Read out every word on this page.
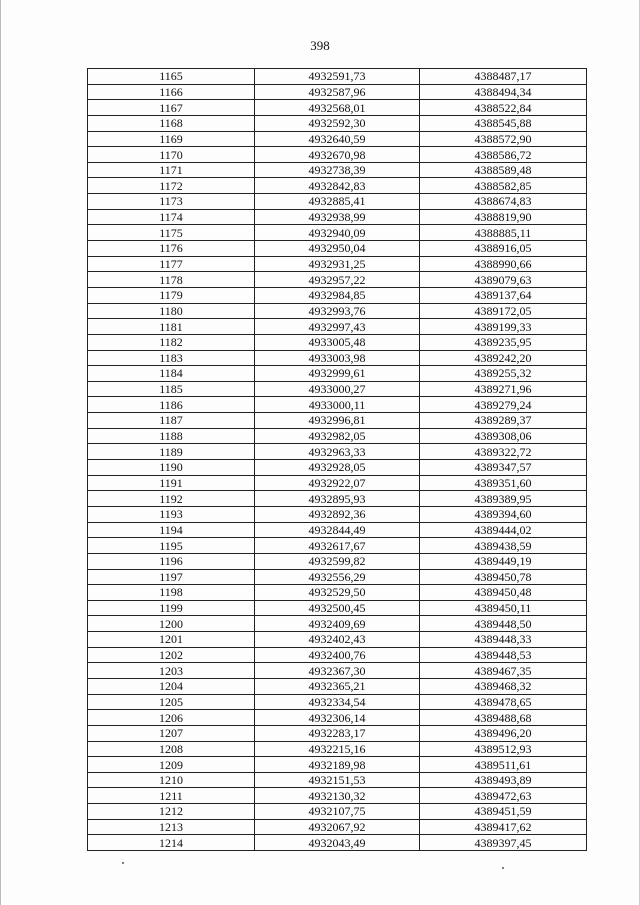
398
1165	4932591,73	4388487,17
1166	4932587,96	4388494,34
1167	4932568,01	4388522,84
1168	4932592,30	4388545,88
1169	4932640,59	4388572,90
1170	4932670,98	4388586,72
1171	4932738,39	4388589,48
1172	4932842,83	4388582,85
1173	4932885,41	4388674,83
1174	4932938,99	4388819,90
1175	4932940,09	4388885,11
1176	4932950,04	4388916,05
1177	4932931,25	4388990,66
1178	4932957,22	4389079,63
1179	4932984,85	4389137,64
1180	4932993,76	4389172,05
1181	4932997,43	4389199,33
1182	4933005,48	4389235,95
1183	4933003,98	4389242,20
1184	4932999,61	4389255,32
1185	4933000,27	4389271,96
1186	4933000,11	4389279,24
1187	4932996,81	4389289,37
1188	4932982,05	4389308,06
1189	4932963,33	4389322,72
1190	4932928,05	4389347,57
1191	4932922,07	4389351,60
1192	4932895,93	4389389,95
1193	4932892,36	4389394,60
1194	4932844,49	4389444,02
1195	4932617,67	4389438,59
1196	4932599,82	4389449,19
1197	4932556,29	4389450,78
1198	4932529,50	4389450,48
1199	4932500,45	4389450,11
1200	4932409,69	4389448,50
1201	4932402,43	4389448,33
1202	4932400,76	4389448,53
1203	4932367,30	4389467,35
1204	4932365,21	4389468,32
1205	4932334,54	4389478,65
1206	4932306,14	4389488,68
1207	4932283,17	4389496,20
1208	4932215,16	4389512,93
1209	4932189,98	4389511,61
1210	4932151,53	4389493,89
1211	4932130,32	4389472,63
1212	4932107,75	4389451,59
1213	4932067,92	4389417,62
1214	4932043,49	4389397,45
